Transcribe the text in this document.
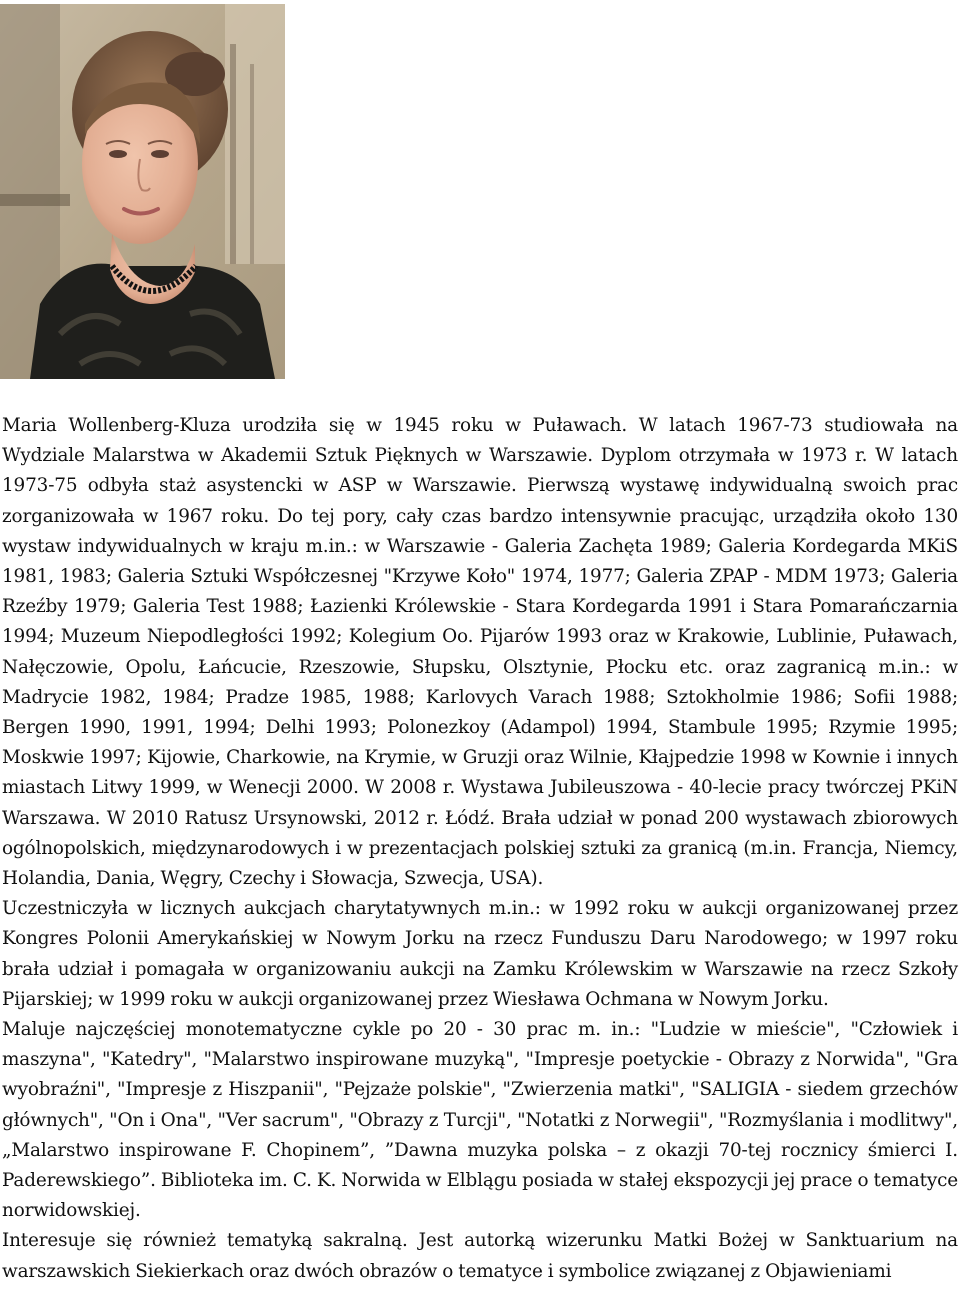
Maria Wollenberg-Kluza urodziła się w 1945 roku w Puławach. W latach 1967-73 studiowała na Wydziale Malarstwa w Akademii Sztuk Pięknych w Warszawie. Dyplom otrzymała w 1973 r. W latach 1973-75 odbyła staż asystencki w ASP w Warszawie. Pierwszą wystawę indywidualną swoich prac zorganizowała w 1967 roku. Do tej pory, cały czas bardzo intensywnie pracując, urządziła około 130 wystaw indywidualnych w kraju m.in.: w Warszawie - Galeria Zachęta 1989; Galeria Kordegarda MKiS 1981, 1983; Galeria Sztuki Współczesnej "Krzywe Koło" 1974, 1977; Galeria ZPAP - MDM 1973; Galeria Rzeźby 1979; Galeria Test 1988; Łazienki Królewskie - Stara Kordegarda 1991 i Stara Pomarańczarnia 1994; Muzeum Niepodległości 1992; Kolegium Oo. Pijarów 1993 oraz w Krakowie, Lublinie, Puławach, Nałęczowie, Opolu, Łańcucie, Rzeszowie, Słupsku, Olsztynie, Płocku etc. oraz zagranicą m.in.: w Madrycie 1982, 1984; Pradze 1985, 1988; Karlovych Varach 1988; Sztokholmie 1986; Sofii 1988; Bergen 1990, 1991, 1994; Delhi 1993; Polonezkoy (Adampol) 1994, Stambule 1995; Rzymie 1995; Moskwie 1997; Kijowie, Charkowie, na Krymie, w Gruzji oraz Wilnie, Kłajpedzie 1998 w Kownie i innych miastach Litwy 1999, w Wenecji 2000. W 2008 r. Wystawa Jubileuszowa - 40-lecie pracy twórczej PKiN Warszawa. W 2010 Ratusz Ursynowski, 2012 r. Łódź. Brała udział w ponad 200 wystawach zbiorowych ogólnopolskich, międzynarodowych i w prezentacjach polskiej sztuki za granicą (m.in. Francja, Niemcy, Holandia, Dania, Węgry, Czechy i Słowacja, Szwecja, USA).

Uczestniczyła w licznych aukcjach charytatywnych m.in.: w 1992 roku w aukcji organizowanej przez Kongres Polonii Amerykańskiej w Nowym Jorku na rzecz Funduszu Daru Narodowego; w 1997 roku brała udział i pomagała w organizowaniu aukcji na Zamku Królewskim w Warszawie na rzecz Szkoły Pijarskiej; w 1999 roku w aukcji organizowanej przez Wiesława Ochmana w Nowym Jorku.

Maluje najczęściej monotematyczne cykle po 20 - 30 prac m. in.: "Ludzie w mieście", "Człowiek i maszyna", "Katedry", "Malarstwo inspirowane muzyką", "Impresje poetyckie - Obrazy z Norwida", "Gra wyobraźni", "Impresje z Hiszpanii", "Pejzaże polskie", "Zwierzenia matki", "SALIGIA - siedem grzechów głównych", "On i Ona", "Ver sacrum", "Obrazy z Turcji", "Notatki z Norwegii", "Rozmyślania i modlitwy", „Malarstwo inspirowane F. Chopinem”, ”Dawna muzyka polska – z okazji 70-tej rocznicy śmierci I. Paderewskiego”. Biblioteka im. C. K. Norwida w Elblągu posiada w stałej ekspozycji jej prace o tematyce norwidowskiej.

Interesuje się również tematyką sakralną. Jest autorką wizerunku Matki Bożej w Sanktuarium na warszawskich Siekierkach oraz dwóch obrazów o tematyce i symbolice związanej z Objawieniami
